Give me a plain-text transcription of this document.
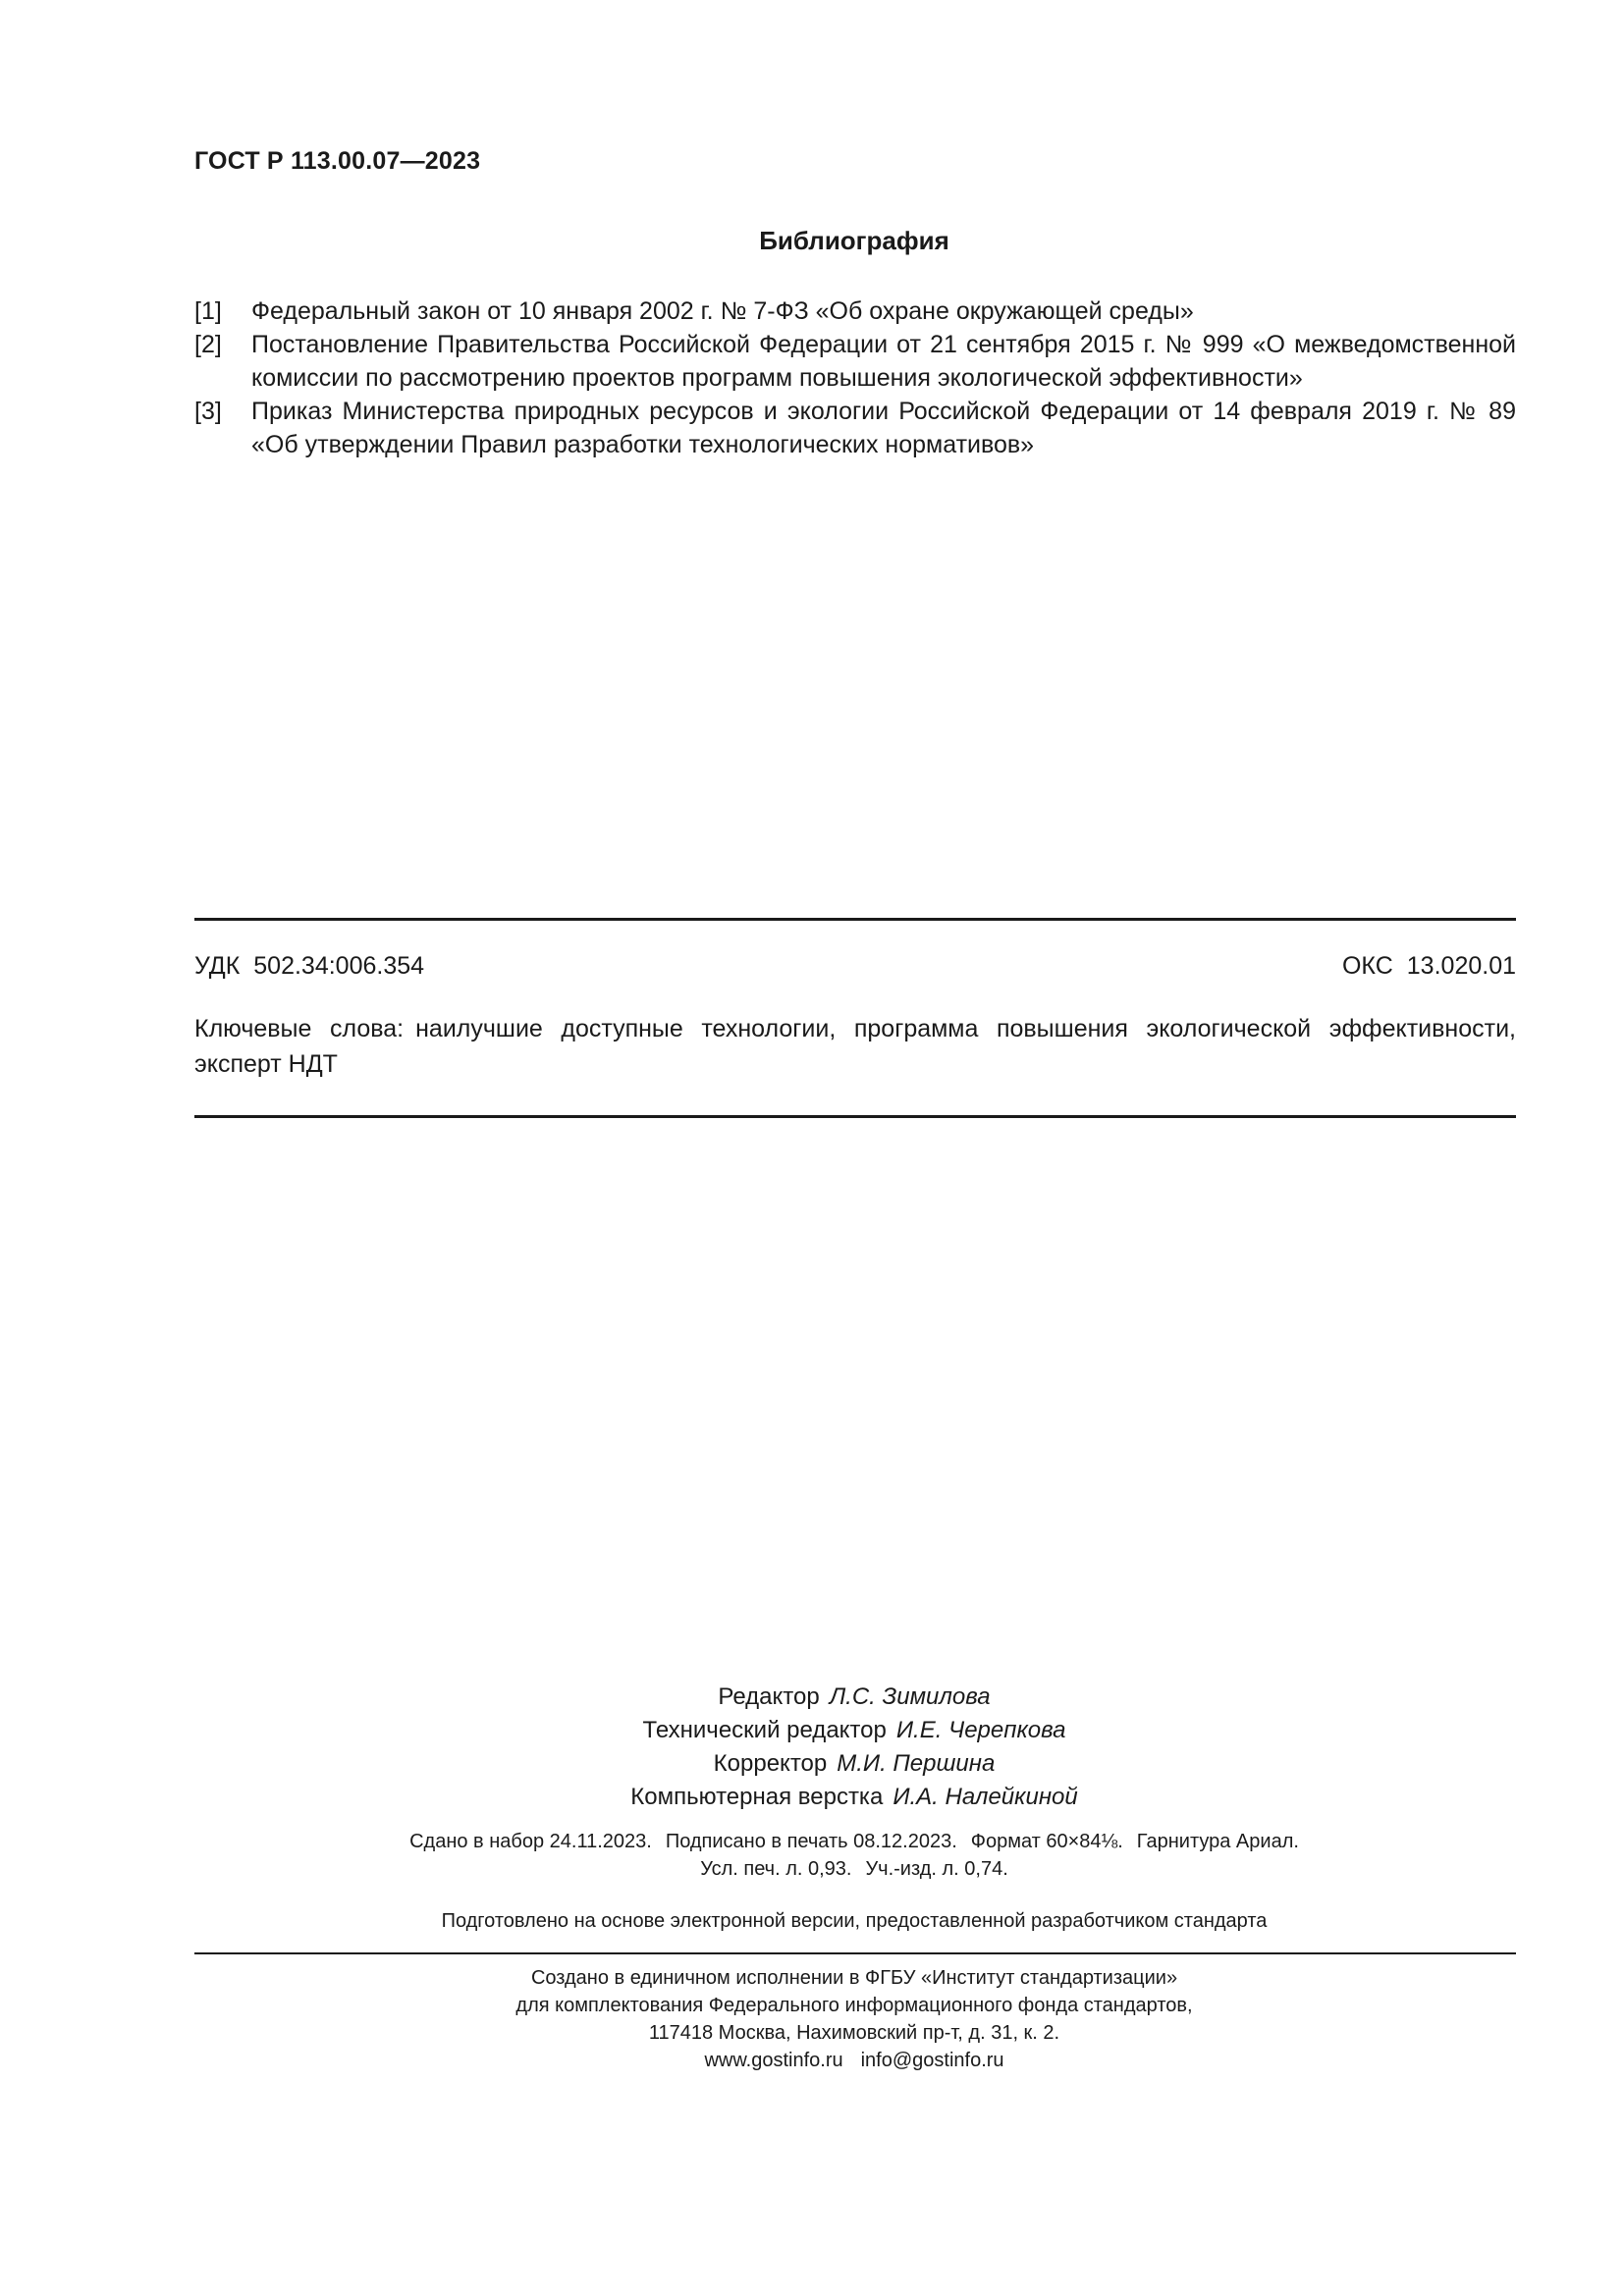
ГОСТ Р 113.00.07—2023
Библиография
[1]	Федеральный закон от 10 января 2002 г. № 7-ФЗ «Об охране окружающей среды»
[2]	Постановление Правительства Российской Федерации от 21 сентября 2015 г. № 999 «О межведомственной комиссии по рассмотрению проектов программ повышения экологической эффективности»
[3]	Приказ Министерства природных ресурсов и экологии Российской Федерации от 14 февраля 2019 г. № 89 «Об утверждении Правил разработки технологических нормативов»
УДК 502.34:006.354	ОКС 13.020.01
Ключевые слова: наилучшие доступные технологии, программа повышения экологической эффективности, эксперт НДТ
Редактор Л.С. Зимилова
Технический редактор И.Е. Черепкова
Корректор М.И. Першина
Компьютерная верстка И.А. Налейкиной
Сдано в набор 24.11.2023. Подписано в печать 08.12.2023. Формат 60×84⅛. Гарнитура Ариал.
Усл. печ. л. 0,93. Уч.-изд. л. 0,74.
Подготовлено на основе электронной версии, предоставленной разработчиком стандарта
Создано в единичном исполнении в ФГБУ «Институт стандартизации»
для комплектования Федерального информационного фонда стандартов,
117418 Москва, Нахимовский пр-т, д. 31, к. 2.
www.gostinfo.ru info@gostinfo.ru
